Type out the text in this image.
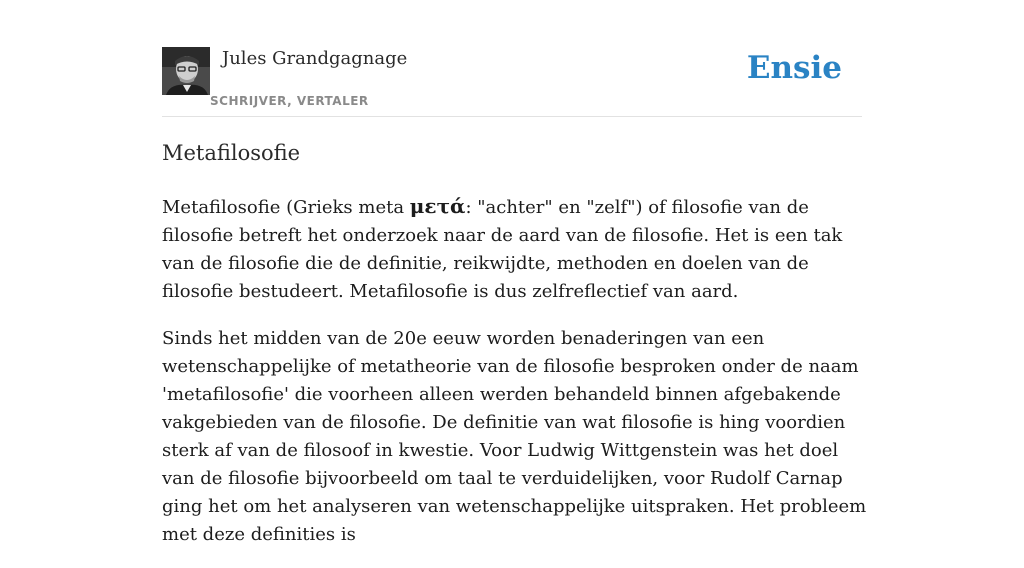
Jules Grandgagnage
SCHRIJVER, VERTALER
Ensie
Metafilosofie

Metafilosofie (Grieks meta μετά: "achter" en "zelf") of filosofie van de filosofie betreft het onderzoek naar de aard van de filosofie. Het is een tak van de filosofie die de definitie, reikwijdte, methoden en doelen van de filosofie bestudeert. Metafilosofie is dus zelfreflectief van aard.

Sinds het midden van de 20e eeuw worden benaderingen van een wetenschappelijke of metatheorie van de filosofie besproken onder de naam 'metafilosofie' die voorheen alleen werden behandeld binnen afgebakende vakgebieden van de filosofie. De definitie van wat filosofie is hing voordien sterk af van de filosoof in kwestie. Voor Ludwig Wittgenstein was het doel van de filosofie bijvoorbeeld om taal te verduidelijken, voor Rudolf Carnap ging het om het analyseren van wetenschappelijke uitspraken. Het probleem met deze definities is
